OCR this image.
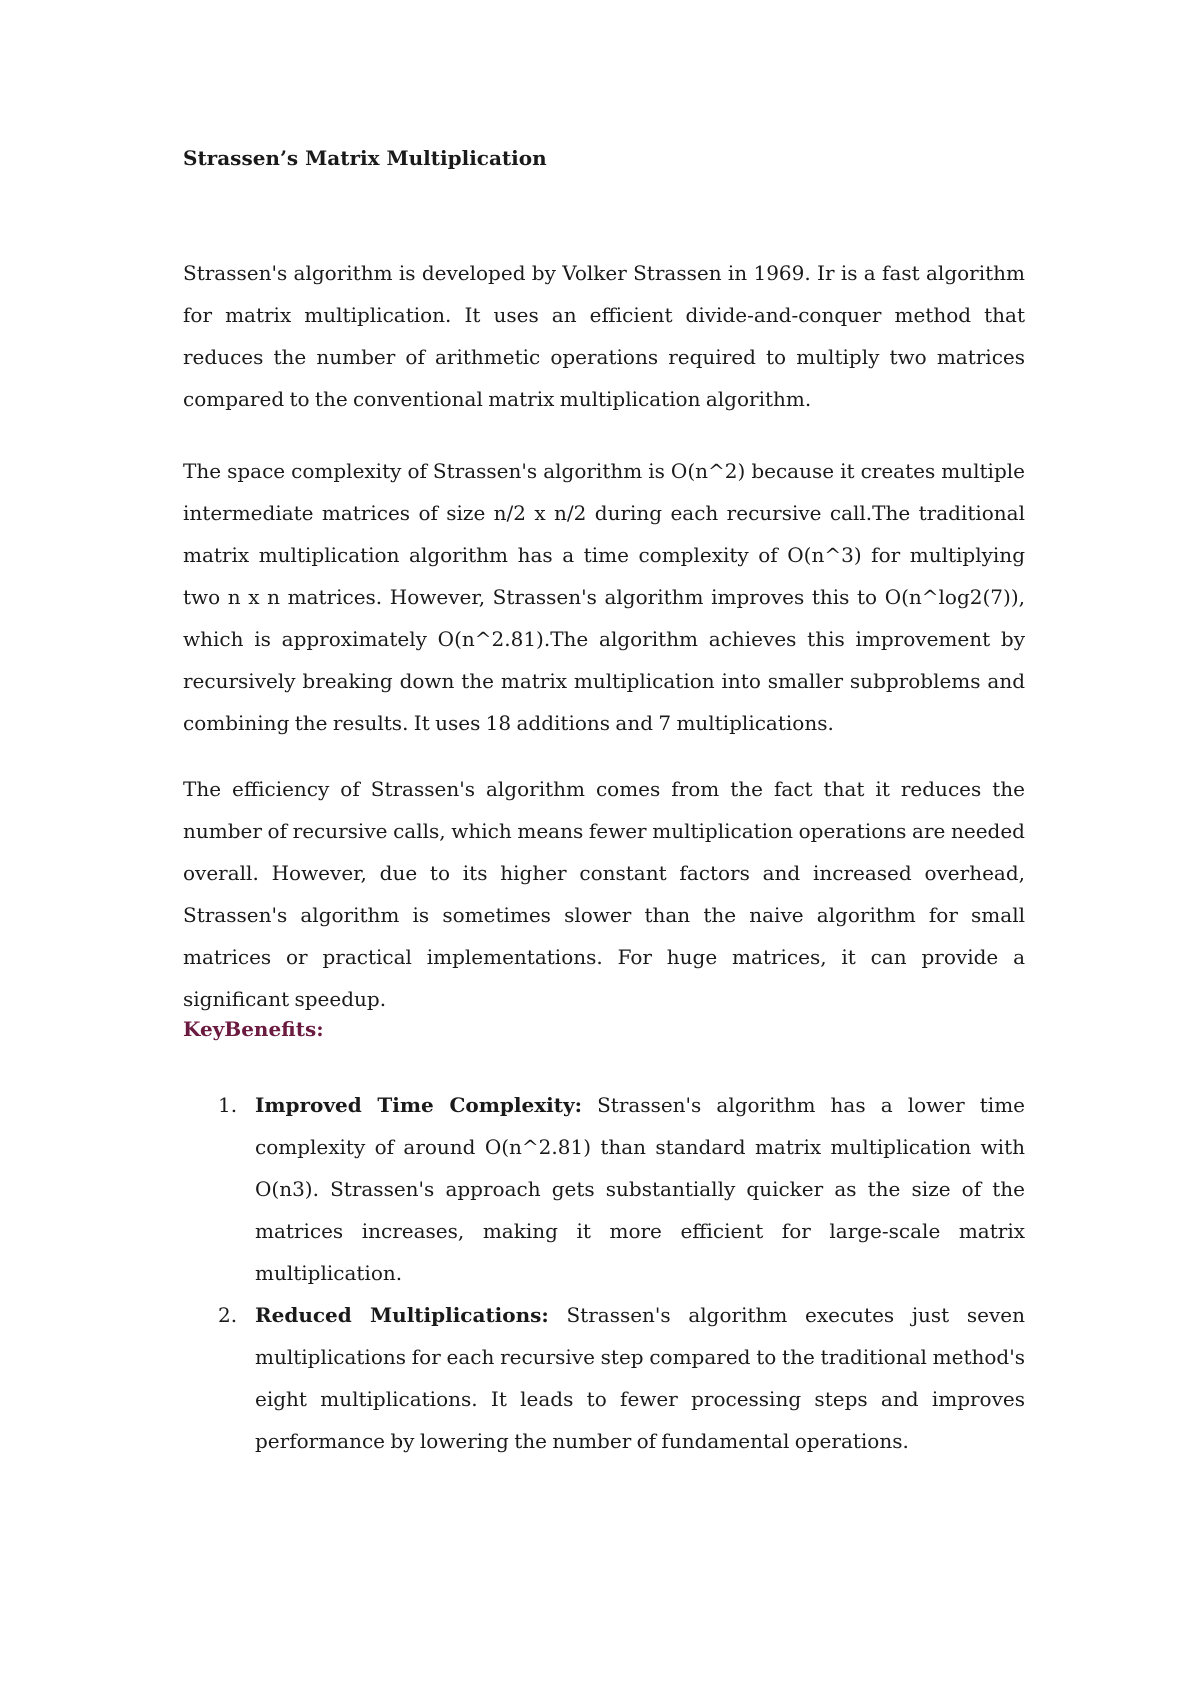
Strassen’s Matrix Multiplication

Strassen's algorithm is developed by Volker Strassen in 1969. Ir is a fast algorithm for matrix multiplication. It uses an efficient divide-and-conquer method that reduces the number of arithmetic operations required to multiply two matrices compared to the conventional matrix multiplication algorithm.

The space complexity of Strassen's algorithm is O(n^2) because it creates multiple intermediate matrices of size n/2 x n/2 during each recursive call.The traditional matrix multiplication algorithm has a time complexity of O(n^3) for multiplying two n x n matrices. However, Strassen's algorithm improves this to O(n^log2(7)), which is approximately O(n^2.81).The algorithm achieves this improvement by recursively breaking down the matrix multiplication into smaller subproblems and combining the results. It uses 18 additions and 7 multiplications.

The efficiency of Strassen's algorithm comes from the fact that it reduces the number of recursive calls, which means fewer multiplication operations are needed overall. However, due to its higher constant factors and increased overhead, Strassen's algorithm is sometimes slower than the naive algorithm for small matrices or practical implementations. For huge matrices, it can provide a significant speedup.

KeyBenefits:
1. Improved Time Complexity: Strassen's algorithm has a lower time complexity of around O(n^2.81) than standard matrix multiplication with O(n3). Strassen's approach gets substantially quicker as the size of the matrices increases, making it more efficient for large-scale matrix multiplication.
2. Reduced Multiplications: Strassen's algorithm executes just seven multiplications for each recursive step compared to the traditional method's eight multiplications. It leads to fewer processing steps and improves performance by lowering the number of fundamental operations.
